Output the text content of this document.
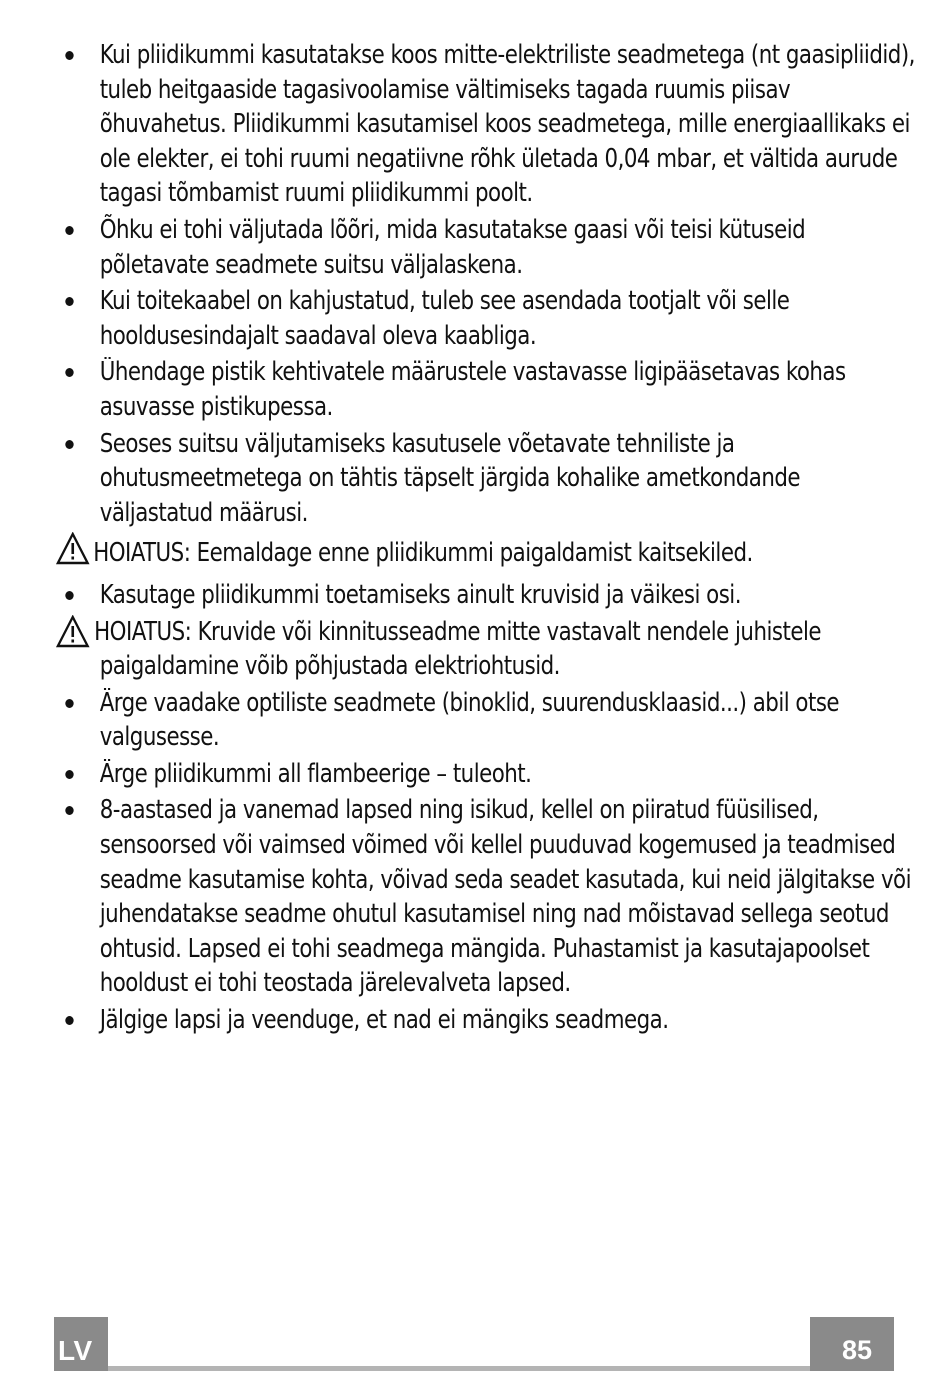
Kui pliidikummi kasutatakse koos mitte-elektriliste seadmetega (nt gaasipliidid), tuleb heitgaaside tagasivoolamise vältimiseks tagada ruumis piisav õhuvahetus. Pliidikummi kasutamisel koos seadmetega, mille energiaallikaks ei ole elekter, ei tohi ruumi negatiivne rõhk ületada 0,04 mbar, et vältida aurude tagasi tõmbamist ruumi pliidikummi poolt.
Õhku ei tohi väljutada lõõri, mida kasutatakse gaasi või teisi kütuseid põletavate seadmete suitsu väljalaskena.
Kui toitekaabel on kahjustatud, tuleb see asendada tootjalt või selle hooldusesindajalt saadaval oleva kaabliga.
Ühendage pistik kehtivatele määrustele vastavasse ligipääsetavas kohas asuvasse pistikupessa.
Seoses suitsu väljutamiseks kasutusele võetavate tehniliste ja ohutusmeetmetega on tähtis täpselt järgida kohalike ametkondande väljastatud määrusi.
HOIATUS: Eemaldage enne pliidikummi paigaldamist kaitsekiled.
Kasutage pliidikummi toetamiseks ainult kruvisid ja väikesi osi.
HOIATUS: Kruvide või kinnitusseadme mitte vastavalt nendele juhistele paigaldamine võib põhjustada elektriohtusid.
Ärge vaadake optiliste seadmete (binoklid, suurendusklaasid...) abil otse valgusesse.
Ärge pliidikummi all flambeerige – tuleoht.
8-aastased ja vanemad lapsed ning isikud, kellel on piiratud füüsilised, sensoorsed või vaimsed võimed või kellel puuduvad kogemused ja teadmised seadme kasutamise kohta, võivad seda seadet kasutada, kui neid jälgitakse või juhendatakse seadme ohutul kasutamisel ning nad mõistavad sellega seotud ohtusid. Lapsed ei tohi seadmega mängida. Puhastamist ja kasutajapoolset hooldust ei tohi teostada järelevalveta lapsed.
Jälgige lapsi ja veenduge, et nad ei mängiks seadmega.
LV	85
